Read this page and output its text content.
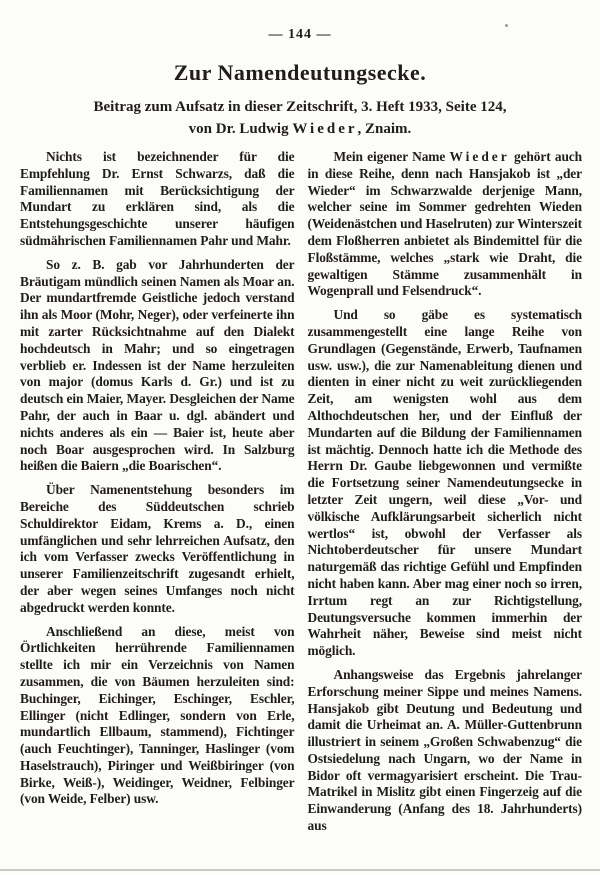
— 144 —
Zur Namendeutungsecke.
Beitrag zum Aufsatz in dieser Zeitschrift, 3. Heft 1933, Seite 124,
von Dr. Ludwig Wieder, Znaim.

Nichts ist bezeichnender für die Empfehlung Dr. Ernst Schwarzs, daß die Familiennamen mit Berücksichtigung der Mundart zu erklären sind, als die Entstehungsgeschichte unserer häufigen südmährischen Familiennamen Pahr und Mahr.

So z. B. gab vor Jahrhunderten der Bräutigam mündlich seinen Namen als Moar an. Der mundartfremde Geistliche jedoch verstand ihn als Moor (Mohr, Neger), oder verfeinerte ihn mit zarter Rücksichtnahme auf den Dialekt hochdeutsch in Mahr; und so eingetragen verblieb er. Indessen ist der Name herzuleiten von major (domus Karls d. Gr.) und ist zu deutsch ein Maier, Mayer. Desgleichen der Name Pahr, der auch in Baar u. dgl. abändert und nichts anderes als ein — Baier ist, heute aber noch Boar ausgesprochen wird. In Salzburg heißen die Baiern „die Boarischen“.

Über Namenentstehung besonders im Bereiche des Süddeutschen schrieb Schuldirektor Eidam, Krems a. D., einen umfänglichen und sehr lehrreichen Aufsatz, den ich vom Verfasser zwecks Veröffentlichung in unserer Familienzeitschrift zugesandt erhielt, der aber wegen seines Umfanges noch nicht abgedruckt werden konnte.

Anschließend an diese, meist von Örtlichkeiten herrührende Familiennamen stellte ich mir ein Verzeichnis von Namen zusammen, die von Bäumen herzuleiten sind: Buchinger, Eichinger, Eschinger, Eschler, Ellinger (nicht Edlinger, sondern von Erle, mundartlich Ellbaum, stammend), Fichtinger (auch Feuchtinger), Tanninger, Haslinger (vom Haselstrauch), Piringer und Weißbiringer (von Birke, Weiß-), Weidinger, Weidner, Felbinger (von Weide, Felber) usw.

Mein eigener Name Wieder gehört auch in diese Reihe, denn nach Hansjakob ist „der Wieder“ im Schwarzwalde derjenige Mann, welcher seine im Sommer gedrehten Wieden (Weidenästchen und Haselruten) zur Winterszeit dem Floßherren anbietet als Bindemittel für die Floßstämme, welches „stark wie Draht, die gewaltigen Stämme zusammenhält in Wogenprall und Felsendruck“.

Und so gäbe es systematisch zusammengestellt eine lange Reihe von Grundlagen (Gegenstände, Erwerb, Taufnamen usw. usw.), die zur Namenableitung dienen und dienten in einer nicht zu weit zurückliegenden Zeit, am wenigsten wohl aus dem Althochdeutschen her, und der Einfluß der Mundarten auf die Bildung der Familiennamen ist mächtig. Dennoch hatte ich die Methode des Herrn Dr. Gaube liebgewonnen und vermißte die Fortsetzung seiner Namendeutungsecke in letzter Zeit ungern, weil diese „Vor- und völkische Aufklärungsarbeit sicherlich nicht wertlos“ ist, obwohl der Verfasser als Nichtoberdeutscher für unsere Mundart naturgemäß das richtige Gefühl und Empfinden nicht haben kann. Aber mag einer noch so irren, Irrtum regt an zur Richtigstellung, Deutungsversuche kommen immerhin der Wahrheit näher, Beweise sind meist nicht möglich.

Anhangsweise das Ergebnis jahrelanger Erforschung meiner Sippe und meines Namens. Hansjakob gibt Deutung und Bedeutung und damit die Urheimat an. A. Müller-Guttenbrunn illustriert in seinem „Großen Schwabenzug“ die Ostsiedelung nach Ungarn, wo der Name in Bidor oft vermagyarisiert erscheint. Die Trau-Matrikel in Mislitz gibt einen Fingerzeig auf die Einwanderung (Anfang des 18. Jahrhunderts) aus
